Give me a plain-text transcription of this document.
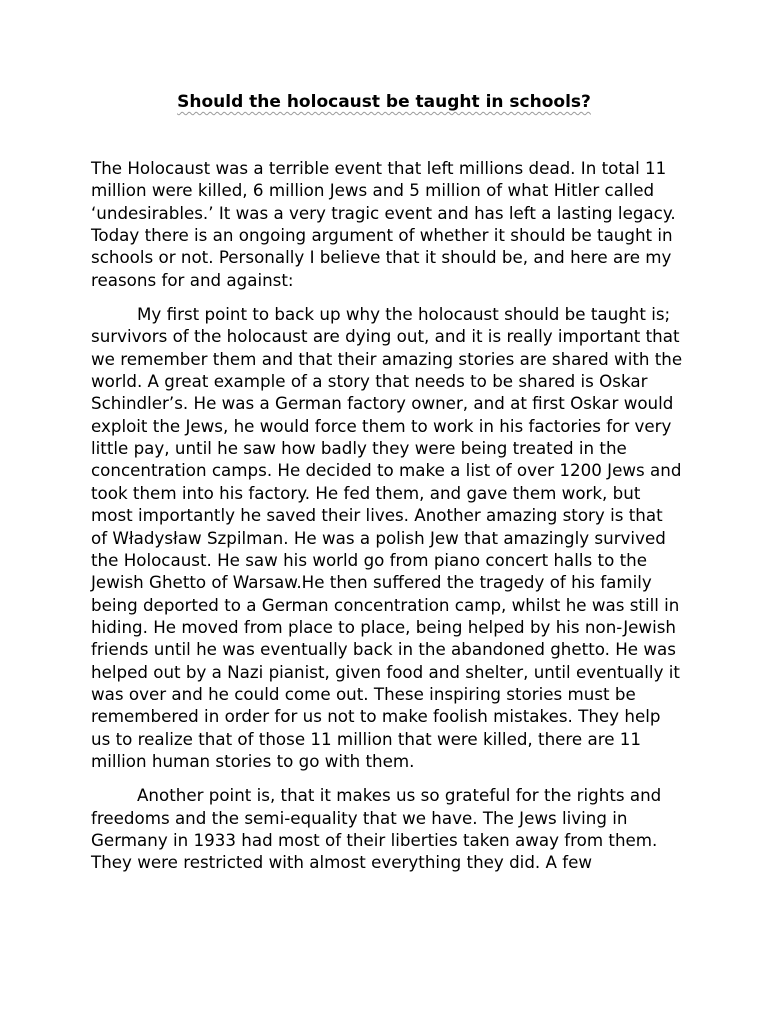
Should the holocaust be taught in schools?

The Holocaust was a terrible event that left millions dead. In total 11 million were killed, 6 million Jews and 5 million of what Hitler called ‘undesirables.’ It was a very tragic event and has left a lasting legacy. Today there is an ongoing argument of whether it should be taught in schools or not. Personally I believe that it should be, and here are my reasons for and against:

My first point to back up why the holocaust should be taught is; survivors of the holocaust are dying out, and it is really important that we remember them and that their amazing stories are shared with the world. A great example of a story that needs to be shared is Oskar Schindler’s. He was a German factory owner, and at first Oskar would exploit the Jews, he would force them to work in his factories for very little pay, until he saw how badly they were being treated in the concentration camps. He decided to make a list of over 1200 Jews and took them into his factory. He fed them, and gave them work, but most importantly he saved their lives. Another amazing story is that of Władysław Szpilman. He was a polish Jew that amazingly survived the Holocaust. He saw his world go from piano concert halls to the Jewish Ghetto of Warsaw.He then suffered the tragedy of his family being deported to a German concentration camp, whilst he was still in hiding. He moved from place to place, being helped by his non-Jewish friends until he was eventually back in the abandoned ghetto. He was helped out by a Nazi pianist, given food and shelter, until eventually it was over and he could come out. These inspiring stories must be remembered in order for us not to make foolish mistakes. They help us to realize that of those 11 million that were killed, there are 11 million human stories to go with them.

Another point is, that it makes us so grateful for the rights and freedoms and the semi-equality that we have. The Jews living in Germany in 1933 had most of their liberties taken away from them. They were restricted with almost everything they did. A few
